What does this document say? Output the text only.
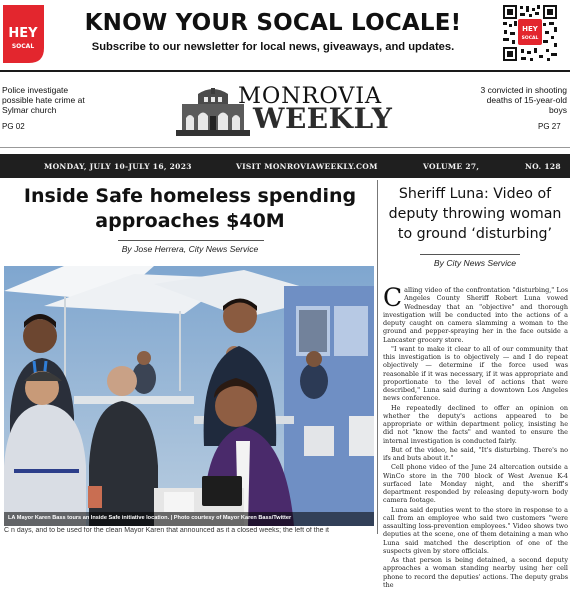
HEY
SOCAL
KNOW YOUR SOCAL LOCALE!
Subscribe to our newsletter for local news, giveaways, and updates.
HEY
SOCAL
Police investigate possible hate crime at Sylmar church
PG 02
3 convicted in shooting deaths of 15-year-old boys
PG 27
MONROVIA
WEEKLY
MONDAY, JULY 10-JULY 16, 2023	VISIT MONROVIAWEEKLY.COM	VOLUME 27,	NO. 128
Inside Safe homeless spending
approaches $40M
By Jose Herrera, City News Service
LA Mayor Karen Bass tours an Inside Safe initiative location. | Photo courtesy of Mayor Karen Bass/Twitter
C n days, and to be used for the clean Mayor Karen that announced as it a closed weeks; the left of the it
Sheriff Luna: Video of deputy throwing woman to ground ‘disturbing’
By City News Service

Calling video of the confrontation "disturbing," Los Angeles County Sheriff Robert Luna vowed Wednesday that an "objective" and thorough investigation will be conducted into the actions of a deputy caught on camera slamming a woman to the ground and pepper-spraying her in the face outside a Lancaster grocery store.

"I want to make it clear to all of our community that this investigation is to objectively — and I do repeat objectively — determine if the force used was reasonable if it was necessary, if it was appropriate and proportionate to the level of actions that were described," Luna said during a downtown Los Angeles news conference.

He repeatedly declined to offer an opinion on whether the deputy's actions appeared to be appropriate or within department policy, insisting he did not "know the facts" and wanted to ensure the internal investigation is conducted fairly.

But of the video, he said, "It's disturbing. There's no ifs and buts about it."

Cell phone video of the June 24 altercation outside a WinCo store in the 700 block of West Avenue K-4 surfaced late Monday night, and the sheriff's department responded by releasing deputy-worn body camera footage.

Luna said deputies went to the store in response to a call from an employee who said two customers "were assaulting loss-prevention employees." Video shows two deputies at the scene, one of them detaining a man who Luna said matched the description of one of the suspects given by store officials.

As that person is being detained, a second deputy approaches a woman standing nearby using her cell phone to record the deputies' actions. The deputy grabs the
